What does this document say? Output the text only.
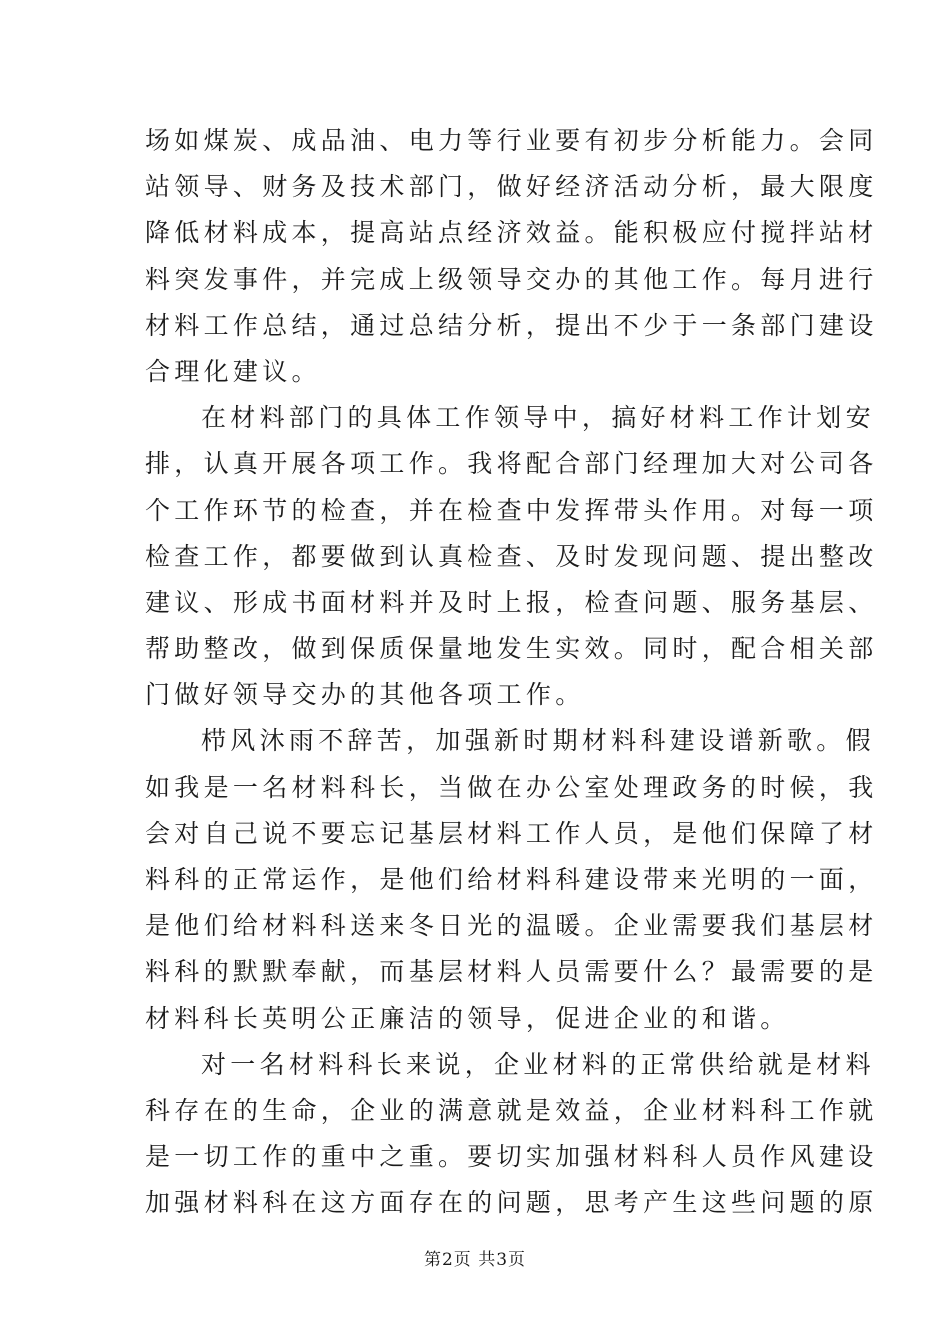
场如煤炭、成品油、电力等行业要有初步分析能力。会同
站领导、财务及技术部门，做好经济活动分析，最大限度
降低材料成本，提高站点经济效益。能积极应付搅拌站材
料突发事件，并完成上级领导交办的其他工作。每月进行
材料工作总结，通过总结分析，提出不少于一条部门建设
合理化建议。
在材料部门的具体工作领导中，搞好材料工作计划安
排，认真开展各项工作。我将配合部门经理加大对公司各
个工作环节的检查，并在检查中发挥带头作用。对每一项
检查工作，都要做到认真检查、及时发现问题、提出整改
建议、形成书面材料并及时上报，检查问题、服务基层、
帮助整改，做到保质保量地发生实效。同时，配合相关部
门做好领导交办的其他各项工作。
栉风沐雨不辞苦，加强新时期材料科建设谱新歌。假
如我是一名材料科长，当做在办公室处理政务的时候，我
会对自己说不要忘记基层材料工作人员，是他们保障了材
料科的正常运作，是他们给材料科建设带来光明的一面，
是他们给材料科送来冬日光的温暖。企业需要我们基层材
料科的默默奉献，而基层材料人员需要什么？最需要的是
材料科长英明公正廉洁的领导，促进企业的和谐。
对一名材料科长来说，企业材料的正常供给就是材料
科存在的生命，企业的满意就是效益，企业材料科工作就
是一切工作的重中之重。要切实加强材料科人员作风建设
加强材料科在这方面存在的问题，思考产生这些问题的原
第2页 共3页
